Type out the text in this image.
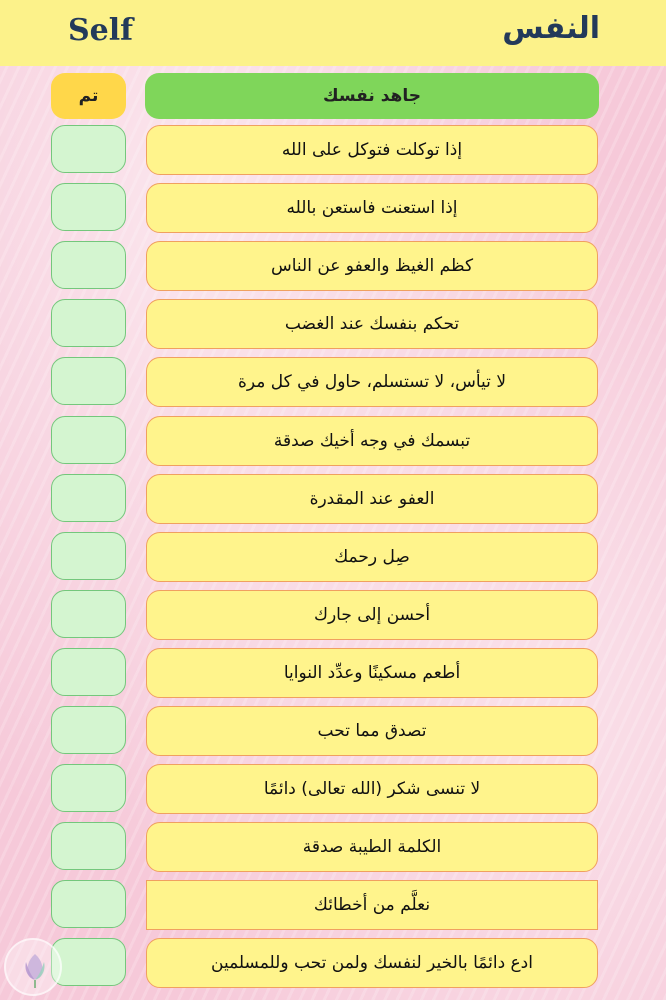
Self	النفس
تم	جاهد نفسك
إذا توكلت فتوكل على الله
إذا استعنت فاستعن بالله
كظم الغيظ والعفو عن الناس
تحكم بنفسك عند الغضب
لا تيأس، لا تستسلم، حاول في كل مرة
تبسمك في وجه أخيك صدقة
العفو عند المقدرة
صِل رحمك
أحسن إلى جارك
أطعم مسكينًا وعدِّد النوايا
تصدق مما تحب
لا تنسى شكر (الله تعالى) دائمًا
الكلمة الطيبة صدقة
نعلَّم من أخطائك
ادع دائمًا بالخير لنفسك ولمن تحب وللمسلمين
